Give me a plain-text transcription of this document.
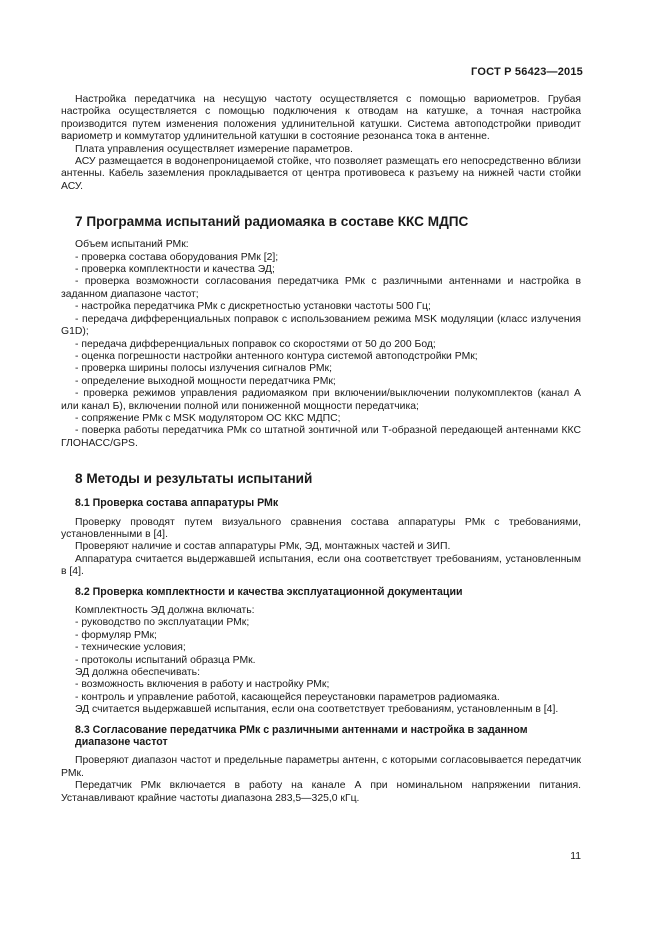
ГОСТ Р 56423—2015

Настройка передатчика на несущую частоту осуществляется с помощью вариометров. Грубая настройка осуществляется с помощью подключения к отводам на катушке, а точная настройка производится путем изменения положения удлинительной катушки. Система автоподстройки приводит вариометр и коммутатор удлинительной катушки в состояние резонанса тока в антенне.

Плата управления осуществляет измерение параметров.

АСУ размещается в водонепроницаемой стойке, что позволяет размещать его непосредственно вблизи антенны. Кабель заземления прокладывается от центра противовеса к разъему на нижней части стойки АСУ.

7 Программа испытаний радиомаяка в составе ККС МДПС

Объем испытаний РМк:

- проверка состава оборудования РМк [2];

- проверка комплектности и качества ЭД;

- проверка возможности согласования передатчика РМк с различными антеннами и настройка в заданном диапазоне частот;

- настройка передатчика РМк с дискретностью установки частоты 500 Гц;

- передача дифференциальных поправок с использованием режима MSK модуляции (класс излучения G1D);

- передача дифференциальных поправок со скоростями от 50 до 200 Бод;

- оценка погрешности настройки антенного контура системой автоподстройки РМк;

- проверка ширины полосы излучения сигналов РМк;

- определение выходной мощности передатчика РМк;

- проверка режимов управления радиомаяком при включении/выключении полукомплектов (канал А или канал Б), включении полной или пониженной мощности передатчика;

- сопряжение РМк с MSK модулятором ОС ККС МДПС;

- поверка работы передатчика РМк со штатной зонтичной или Т-образной передающей антеннами ККС ГЛОНАСС/GPS.

8 Методы и результаты испытаний
8.1 Проверка состава аппаратуры РМк

Проверку проводят путем визуального сравнения состава аппаратуры РМк с требованиями, установленными в [4].

Проверяют наличие и состав аппаратуры РМк, ЭД, монтажных частей и ЗИП.

Аппаратура считается выдержавшей испытания, если она соответствует требованиям, установленным в [4].

8.2 Проверка комплектности и качества эксплуатационной документации

Комплектность ЭД должна включать:

- руководство по эксплуатации РМк;

- формуляр РМк;

- технические условия;

- протоколы испытаний образца РМк.

ЭД должна обеспечивать:

- возможность включения в работу и настройку РМк;

- контроль и управление работой, касающейся переустановки параметров радиомаяка.

ЭД считается выдержавшей испытания, если она соответствует требованиям, установленным в [4].

8.3 Согласование передатчика РМк с различными антеннами и настройка в заданном
диапазоне частот

Проверяют диапазон частот и предельные параметры антенн, с которыми согласовывается передатчик РМк.

Передатчик РМк включается в работу на канале А при номинальном напряжении питания. Устанавливают крайние частоты диапазона 283,5—325,0 кГц.

11
